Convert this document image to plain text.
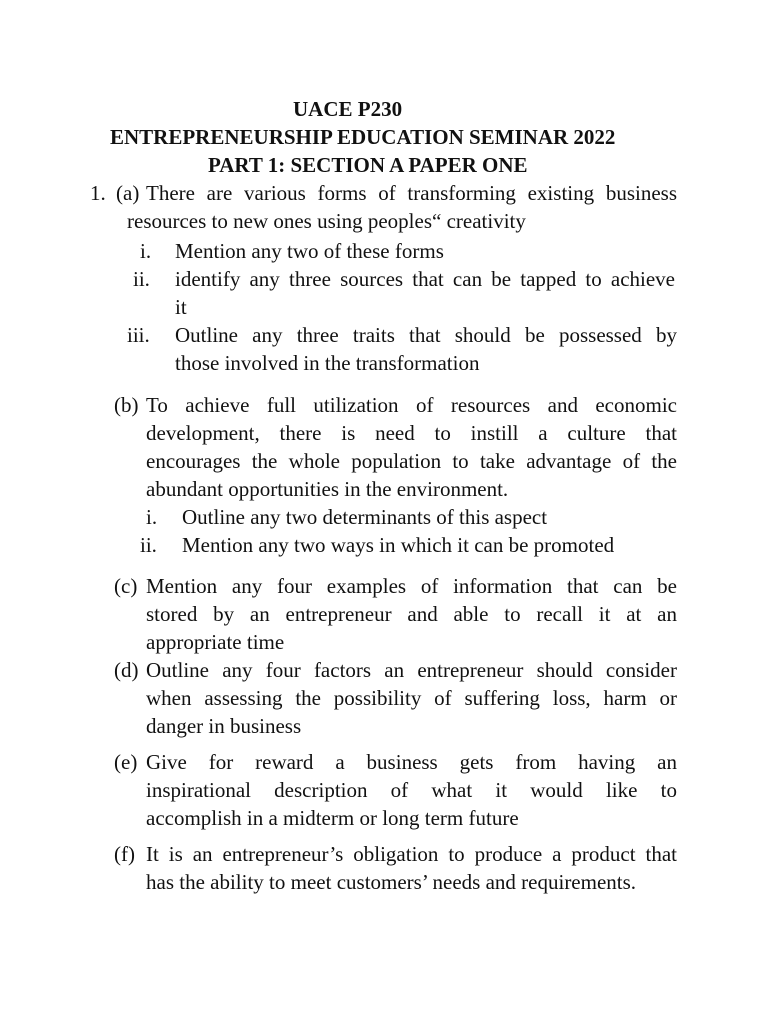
UACE P230
ENTREPRENEURSHIP EDUCATION SEMINAR 2022
PART 1: SECTION A PAPER ONE
1. (a) There are various forms of transforming existing business
resources to new ones using peoples“ creativity
i. Mention any two of these forms
ii. identify any three sources that can be tapped to achieve
it
iii. Outline any three traits that should be possessed by
those involved in the transformation
(b) To achieve full utilization of resources and economic
development, there is need to instill a culture that
encourages the whole population to take advantage of the
abundant opportunities in the environment.
i. Outline any two determinants of this aspect
ii. Mention any two ways in which it can be promoted
(c) Mention any four examples of information that can be
stored by an entrepreneur and able to recall it at an
appropriate time
(d) Outline any four factors an entrepreneur should consider
when assessing the possibility of suffering loss, harm or
danger in business
(e) Give for reward a business gets from having an
inspirational description of what it would like to
accomplish in a midterm or long term future
(f) It is an entrepreneur’s obligation to produce a product that
has the ability to meet customers’ needs and requirements.
